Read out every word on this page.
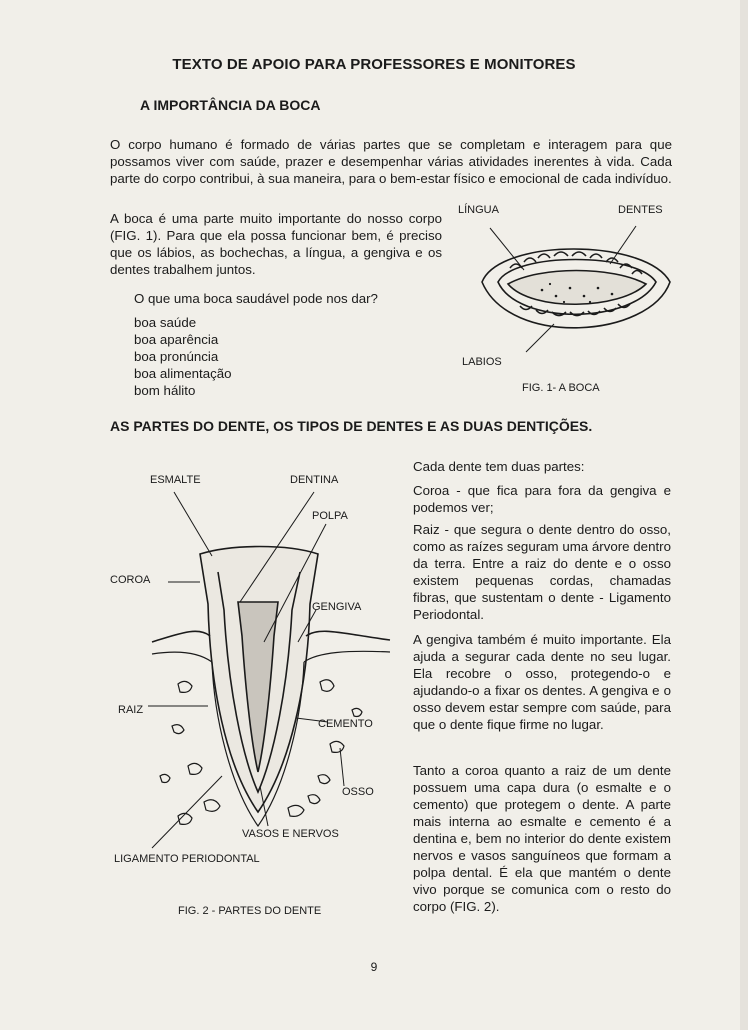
TEXTO DE APOIO PARA PROFESSORES E MONITORES
A IMPORTÂNCIA DA BOCA

O corpo humano é formado de várias partes que se completam e interagem para que possamos viver com saúde, prazer e desempenhar várias atividades inerentes à vida. Cada parte do corpo contribui, à sua maneira, para o bem-estar físico e emocional de cada indivíduo.

A boca é uma parte muito importante do nosso corpo (FIG. 1). Para que ela possa funcionar bem, é preciso que os lábios, as bochechas, a língua, a gengiva e os dentes trabalhem juntos.

O que uma boca saudável pode nos dar?

boa saúde
boa aparência
boa pronúncia
boa alimentação
bom hálito
LÍNGUA	DENTES
LABIOS
FIG. 1- A BOCA
AS PARTES DO DENTE, OS TIPOS DE DENTES E AS DUAS DENTIÇÕES.

Cada dente tem duas partes:

Coroa - que fica para fora da gengiva e podemos ver;

Raiz - que segura o dente dentro do osso, como as raízes seguram uma árvore dentro da terra. Entre a raiz do dente e o osso existem pequenas cordas, chamadas fibras, que sustentam o dente - Ligamento Periodontal.

A gengiva também é muito importante. Ela ajuda a segurar cada dente no seu lugar. Ela recobre o osso, protegendo-o e ajudando-o a fixar os dentes. A gengiva e o osso devem estar sempre com saúde, para que o dente fique firme no lugar.

Tanto a coroa quanto a raiz de um dente possuem uma capa dura (o esmalte e o cemento) que protegem o dente. A parte mais interna ao esmalte e cemento é a dentina e, bem no interior do dente existem nervos e vasos sanguíneos que formam a polpa dental. É ela que mantém o dente vivo porque se comunica com o resto do corpo (FIG. 2).

ESMALTE	DENTINA
POLPA
COROA
GENGIVA
RAIZ
CEMENTO
OSSO
VASOS E NERVOS
LIGAMENTO PERIODONTAL
FIG. 2 - PARTES DO DENTE
9
